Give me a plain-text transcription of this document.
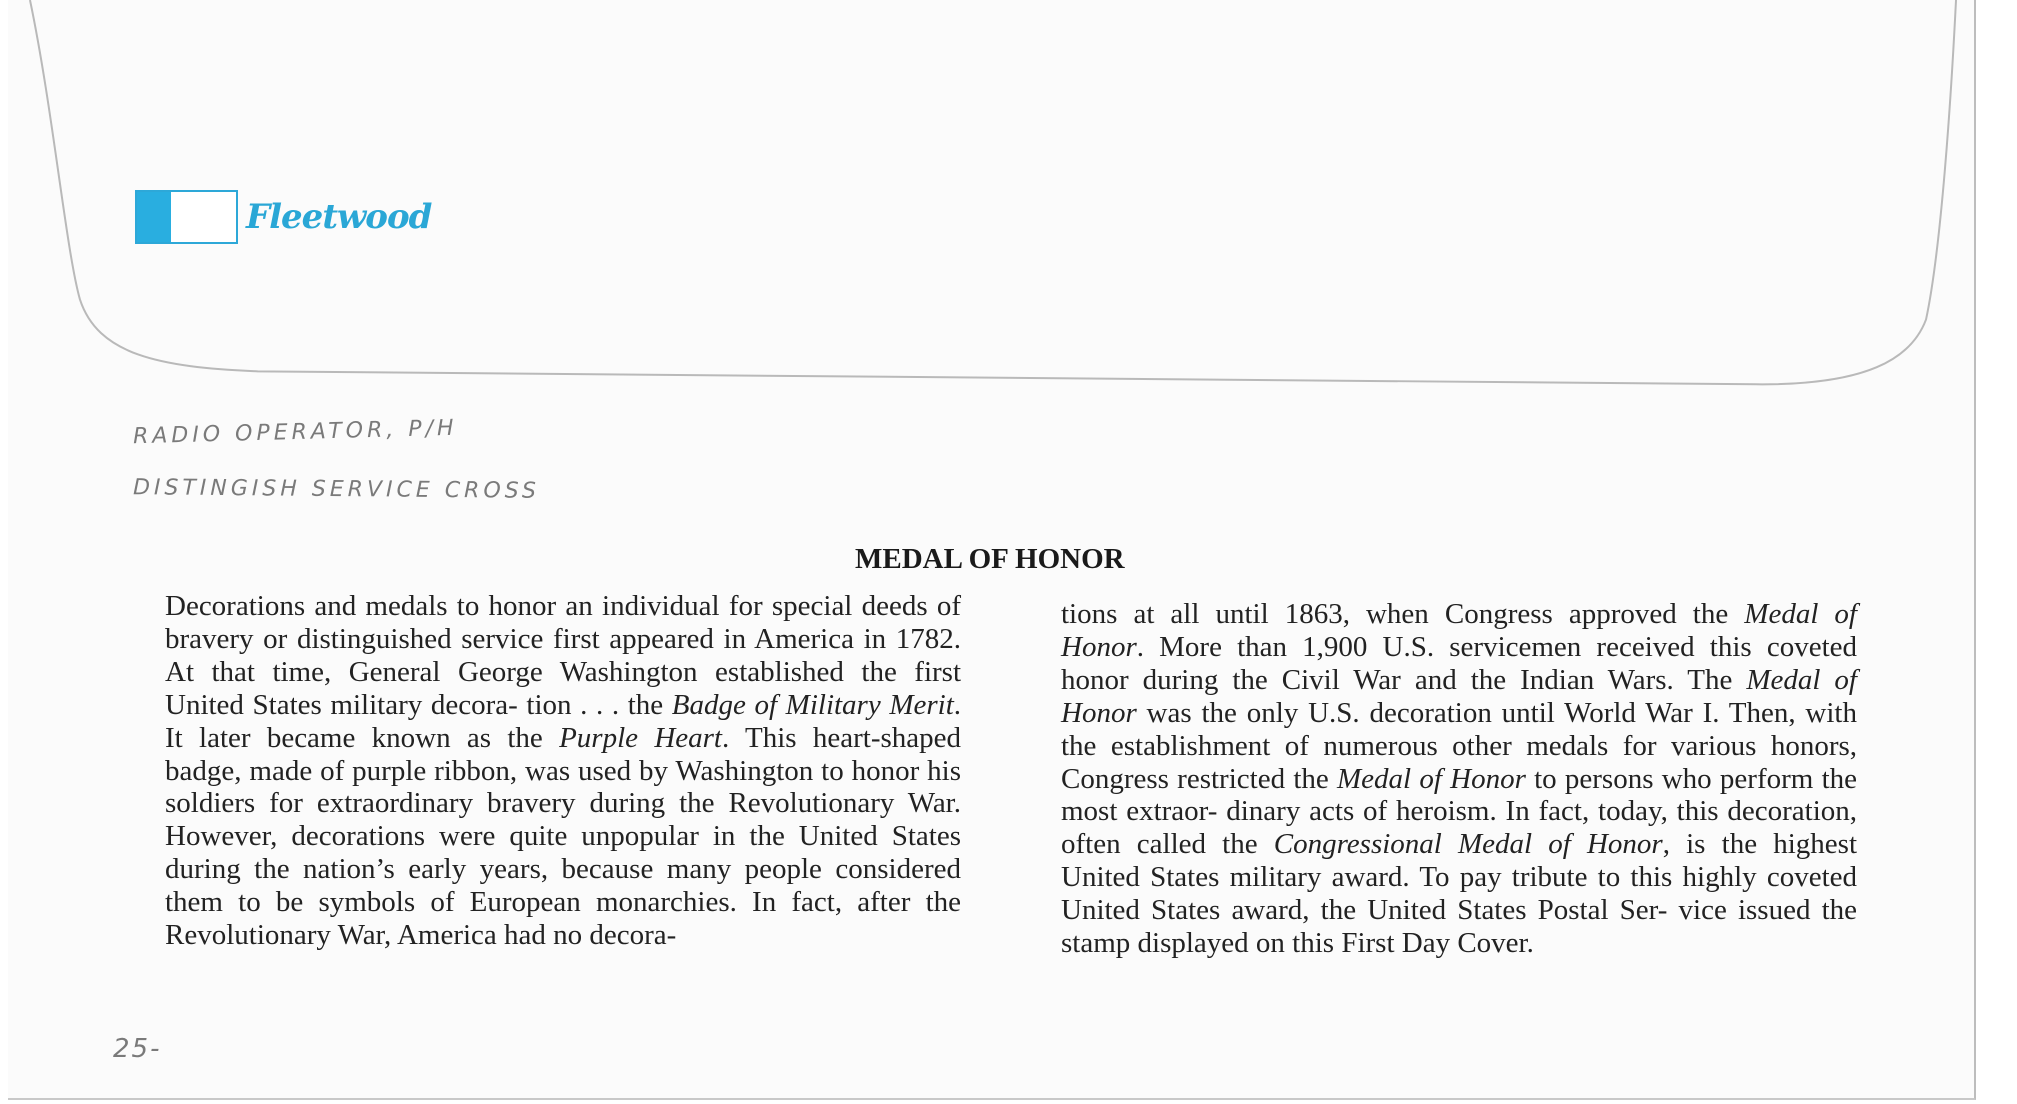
Fleetwood
RADIO OPERATOR, P/H
DISTINGISH SERVICE CROSS
25-
MEDAL OF HONOR

Decorations and medals to honor an individual for special deeds of bravery or distinguished service first appeared in America in 1782. At that time, General George Washington established the first United States military decora- tion . . . the Badge of Military Merit. It later became known as the Purple Heart. This heart-shaped badge, made of purple ribbon, was used by Washington to honor his soldiers for extraordinary bravery during the Revolutionary War. However, decorations were quite unpopular in the United States during the nation’s early years, because many people considered them to be symbols of European monarchies. In fact, after the Revolutionary War, America had no decora-

tions at all until 1863, when Congress approved the Medal of Honor. More than 1,900 U.S. servicemen received this coveted honor during the Civil War and the Indian Wars. The Medal of Honor was the only U.S. decoration until World War I. Then, with the establishment of numerous other medals for various honors, Congress restricted the Medal of Honor to persons who perform the most extraor- dinary acts of heroism. In fact, today, this decoration, often called the Congressional Medal of Honor, is the highest United States military award. To pay tribute to this highly coveted United States award, the United States Postal Ser- vice issued the stamp displayed on this First Day Cover.
